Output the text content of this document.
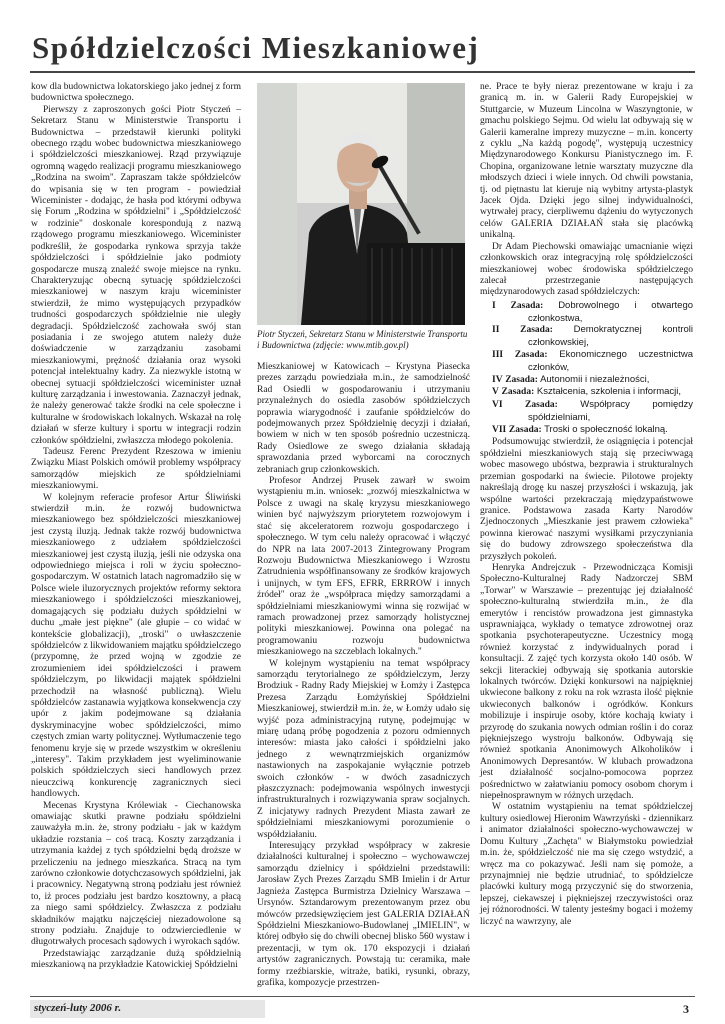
Spółdzielczości Mieszkaniowej

kow dla budownictwa lokatorskiego jako jednej z form budownictwa społecznego.

Pierwszy z zaproszonych gości Piotr Styczeń – Sekretarz Stanu w Ministerstwie Transportu i Budownictwa – przedstawił kierunki polityki obecnego rządu wobec budownictwa mieszkaniowego i spółdzielczości mieszkaniowej. Rząd przywiązuje ogromną wagędo realizacji programu mieszkaniowego „Rodzina na swoim". Zapraszam także spółdzielców do wpisania się w ten program - powiedział Wiceminister - dodając, że hasła pod którymi odbywa się Forum „Rodzina w spółdzielni" i „Spółdzielczość w rodzinie" doskonale korespondują z nazwą rządowego programu mieszkaniowego. Wiceminister podkreślił, że gospodarka rynkowa sprzyja także spółdzielczości i spółdzielnie jako podmioty gospodarcze muszą znaleźć swoje miejsce na rynku. Charakteryzując obecną sytuację spółdzielczości mieszkaniowej w naszym kraju wiceminister stwierdził, że mimo występujących przypadków trudności gospodarczych spółdzielnie nie uległy degradacji. Spółdzielczość zachowała swój stan posiadania i ze swojego atutem należy duże doświadczenie w zarządzaniu zasobami mieszkaniowymi, prężność działania oraz wysoki potencjał intelektualny kadry. Za niezwykle istotną w obecnej sytuacji spółdzielczości wiceminister uznał kulturę zarządzania i inwestowania. Zaznaczył jednak, że należy generować także środki na cele społeczne i kulturalne w środowiskach lokalnych. Wskazał na rolę działań w sferze kultury i sportu w integracji rodzin członków spółdzielni, zwłaszcza młodego pokolenia.

Tadeusz Ferenc Prezydent Rzeszowa w imieniu Związku Miast Polskich omówił problemy współpracy samorządów miejskich ze spółdzielniami mieszkaniowymi.

W kolejnym referacie profesor Artur Śliwiński stwierdził m.in. że rozwój budownictwa mieszkaniowego bez spółdzielczości mieszkaniowej jest czystą iluzją. Jednak także rozwój budownictwa mieszkaniowego z udziałem spółdzielczości mieszkaniowej jest czystą iluzją, jeśli nie odzyska ona odpowiedniego miejsca i roli w życiu społeczno- gospodarczym. W ostatnich latach nagromadziło się w Polsce wiele iluzorycznych projektów reformy sektora mieszkaniowego i spółdzielczości mieszkaniowej, domagających się podziału dużych spółdzielni w duchu „małe jest piękne" (ale głupie – co widać w kontekście globalizacji), „troski" o uwłaszczenie spółdzielców z likwidowaniem majątku spółdzielczego (przypomnę, że przed wojną w zgodzie ze zrozumieniem idei spółdzielczości i prawem spółdzielczym, po likwidacji majątek spółdzielni przechodził na własność publiczną). Wielu spółdzielców zastanawia wyjątkowa konsekwencja czy upór z jakim podejmowane są działania dyskryminacyjne wobec spółdzielczości, mimo częstych zmian warty politycznej. Wytłumaczenie tego fenomenu kryje się w przede wszystkim w określeniu „interesy". Takim przykładem jest wyeliminowanie polskich spółdzielczych sieci handlowych przez nieuczciwą konkurencję zagranicznych sieci handlowych.

Mecenas Krystyna Królewiak - Ciechanowska omawiając skutki prawne podziału spółdzielni zauważyła m.in. że, strony podziału - jak w każdym układzie rozstania – coś tracą. Koszty zarządzania i utrzymania każdej z tych spółdzielni będą droższe w przeliczeniu na jednego mieszkańca. Stracą na tym zarówno członkowie dotychczasowych spółdzielni, jak i pracownicy. Negatywną stroną podziału jest również to, iż proces podziału jest bardzo kosztowny, a płacą za niego sami spółdzielcy. Zwłaszcza z podziału składników majątku najczęściej niezadowolone są strony podziału. Znajduje to odzwierciedlenie w długotrwałych procesach sądowych i wyrokach sądów.

Przedstawiając zarządzanie dużą spółdzielnią mieszkaniową na przykładzie Katowickiej Spółdzielni

Piotr Styczeń, Sekretarz Stanu w Ministerstwie Transportu i Budownictwa (zdjęcie: www.mtib.gov.pl)

Mieszkaniowej w Katowicach – Krystyna Piasecka prezes zarządu powiedziała m.in., że samodzielność Rad Osiedli w gospodarowaniu i utrzymaniu przynależnych do osiedla zasobów spółdzielczych poprawia wiarygodność i zaufanie spółdzielców do podejmowanych przez Spółdzielnię decyzji i działań, bowiem w nich w ten sposób pośrednio uczestniczą. Rady Osiedlowe ze swego działania składają sprawozdania przed wyborcami na corocznych zebraniach grup członkowskich.

Profesor Andrzej Prusek zawarł w swoim wystąpieniu m.in. wniosek: „rozwój mieszkalnictwa w Polsce z uwagi na skalę kryzysu mieszkaniowego winien być najwyższym priorytetem rozwojowym i stać się akceleratorem rozwoju gospodarczego i społecznego. W tym celu należy opracować i włączyć do NPR na lata 2007-2013 Zintegrowany Program Rozwoju Budownictwa Mieszkaniowego i Wzrostu Zatrudnienia współfinansowany ze środków krajowych i unijnych, w tym EFS, EFRR, ERRROW i innych źródeł" oraz że „współpraca między samorządami a spółdzielniami mieszkaniowymi winna się rozwijać w ramach prowadzonej przez samorządy holistycznej polityki mieszkaniowej. Powinna ona polegać na programowaniu rozwoju budownictwa mieszkaniowego na szczeblach lokalnych."

W kolejnym wystąpieniu na temat współpracy samorządu terytorialnego ze spółdzielczym, Jerzy Brodziuk - Radny Rady Miejskiej w Łomży i Zastępca Prezesa Zarządu Łomżyńskiej Spółdzielni Mieszkaniowej, stwierdził m.in. że, w Łomży udało się wyjść poza administracyjną rutynę, podejmując w miarę udaną próbę pogodzenia z pozoru odmiennych interesów: miasta jako całości i spółdzielni jako jednego z wewnątrzmiejskich organizmów nastawionych na zaspokajanie wyłącznie potrzeb swoich członków - w dwóch zasadniczych płaszczyznach: podejmowania wspólnych inwestycji infrastrukturalnych i rozwiązywania spraw socjalnych. Z inicjatywy radnych Prezydent Miasta zawarł ze spółdzielniami mieszkaniowymi porozumienie o współdziałaniu.

Interesujący przykład współpracy w zakresie działalności kulturalnej i społeczno – wychowawczej samorządu dzielnicy i spółdzielni przedstawili: Jarosław Zych Prezes Zarządu SMB Imielin i dr Artur Jagnieża Zastępca Burmistrza Dzielnicy Warszawa – Ursynów. Sztandarowym prezentowanym przez obu mówców przedsięwzięciem jest GALERIA DZIAŁAŃ Spółdzielni Mieszkaniowo-Budowlanej „IMIELIN", w której odbyło się do chwili obecnej blisko 560 wystaw i prezentacji, w tym ok. 170 ekspozycji i działań artystów zagranicznych. Powstają tu: ceramika, małe formy rzeźbiarskie, witraże, batiki, rysunki, obrazy, grafika, kompozycje przestrzen-

ne. Prace te były nieraz prezentowane w kraju i za granicą m. in. w Galerii Rady Europejskiej w Stuttgarcie, w Muzeum Lincolna w Waszyngtonie, w gmachu polskiego Sejmu. Od wielu lat odbywają się w Galerii kameralne imprezy muzyczne – m.in. koncerty z cyklu „Na każdą pogodę", występują uczestnicy Międzynarodowego Konkursu Pianistycznego im. F. Chopina, organizowane letnie warsztaty muzyczne dla młodszych dzieci i wiele innych. Od chwili powstania, tj. od piętnastu lat kieruje nią wybitny artysta-plastyk Jacek Ojda. Dzięki jego silnej indywidualności, wytrwałej pracy, cierpliwemu dążeniu do wytyczonych celów GALERIA DZIAŁAŃ stała się placówką unikalną.

Dr Adam Piechowski omawiając umacnianie więzi członkowskich oraz integracyjną rolę spółdzielczości mieszkaniowej wobec środowiska spółdzielczego zalecał przestrzeganie następujących międzynarodowych zasad spółdzielczych:

I Zasada: Dobrowolnego i otwartego członkostwa,
II Zasada: Demokratycznej kontroli członkowskiej,
III Zasada: Ekonomicznego uczestnictwa członków,
IV Zasada: Autonomii i niezależności,
V Zasada: Kształcenia, szkolenia i informacji,
VI Zasada: Współpracy pomiędzy spółdzielniami,
VII Zasada: Troski o społeczność lokalną.

Podsumowując stwierdził, że osiągnięcia i potencjał spółdzielni mieszkaniowych stają się przeciwwagą wobec masowego ubóstwa, bezprawia i strukturalnych przemian gospodarki na świecie. Pilotowe projekty nakreślają drogę ku naszej przyszłości i wskazują, jak wspólne wartości przekraczają międzypaństwowe granice. Podstawowa zasada Karty Narodów Zjednoczonych „Mieszkanie jest prawem człowieka" powinna kierować naszymi wysiłkami przyczyniania się do budowy zdrowszego społeczeństwa dla przyszłych pokoleń.

Henryka Andrejczuk - Przewodnicząca Komisji Społeczno-Kulturalnej Rady Nadzorczej SBM „Torwar" w Warszawie – prezentując jej działalność społeczno-kulturalną stwierdziła m.in., że dla emerytów i rencistów prowadzona jest gimnastyka usprawniająca, wykłady o tematyce zdrowotnej oraz spotkania psychoterapeutyczne. Uczestnicy mogą również korzystać z indywidualnych porad i konsultacji. Z zajęć tych korzysta około 140 osób. W sekcji literackiej odbywają się spotkania autorskie lokalnych twórców. Dzięki konkursowi na najpiękniej ukwiecone balkony z roku na rok wzrasta ilość pięknie ukwieconych balkonów i ogródków. Konkurs mobilizuje i inspiruje osoby, które kochają kwiaty i przyrodę do szukania nowych odmian roślin i do coraz piękniejszego wystroju balkonów. Odbywają się również spotkania Anonimowych Alkoholików i Anonimowych Depresantów. W klubach prowadzona jest działalność socjalno-pomocowa poprzez pośrednictwo w załatwianiu pomocy osobom chorym i niepełnosprawnym w różnych urzędach.

W ostatnim wystąpieniu na temat spółdzielczej kultury osiedlowej Hieronim Wawrzyński - dziennikarz i animator działalności społeczno-wychowawczej w Domu Kultury „Zachęta" w Białymstoku powiedział m.in. że, spółdzielczość nie ma się czego wstydzić, a wręcz ma co pokazywać. Jeśli nam się pomoże, a przynajmniej nie będzie utrudniać, to spółdzielcze placówki kultury mogą przyczynić się do stworzenia, lepszej, ciekawszej i piękniejszej rzeczywistości oraz jej różnorodności. W talenty jesteśmy bogaci i możemy liczyć na wawrzyny, ale

styczeń-luty 2006 r.	3
